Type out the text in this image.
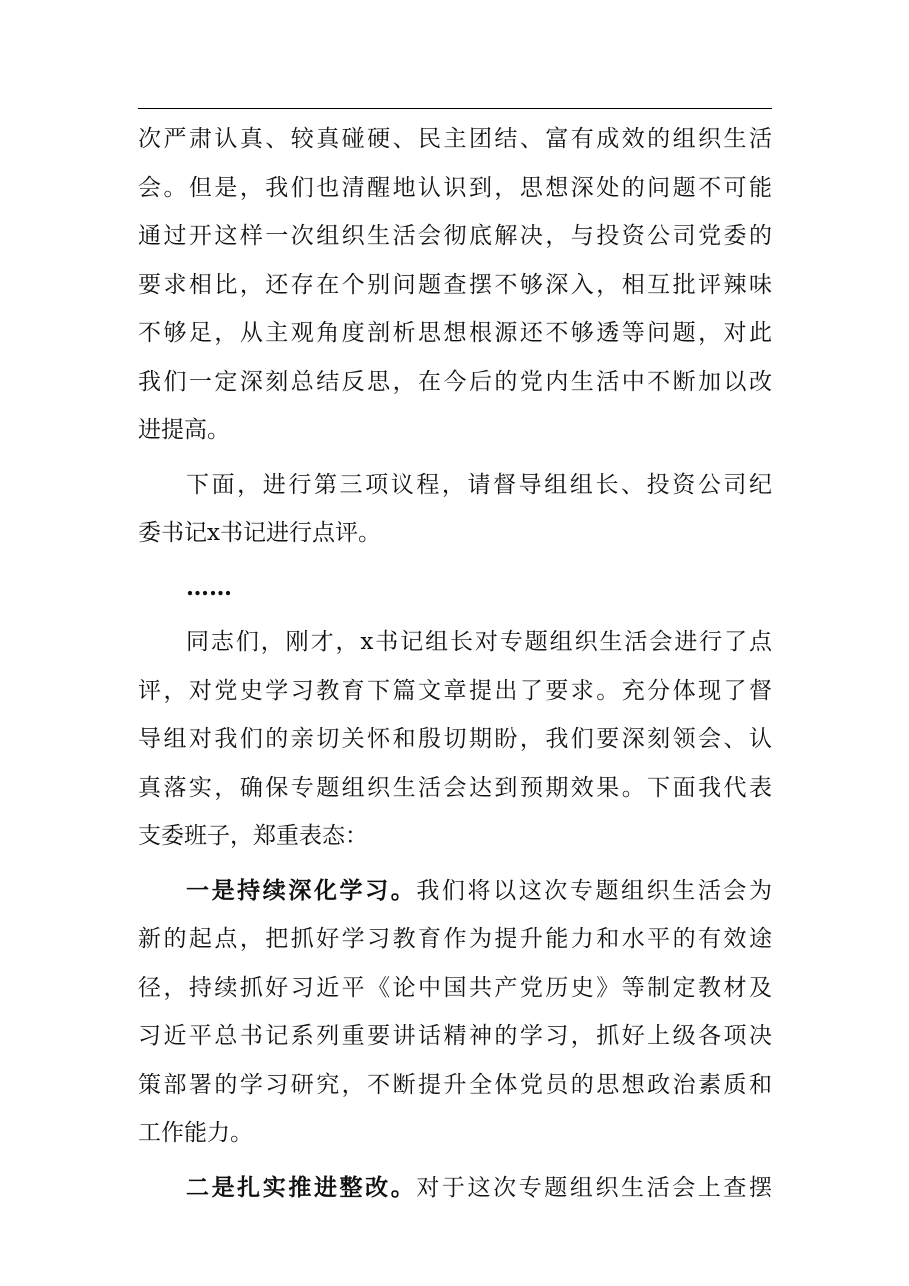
次严肃认真、较真碰硬、民主团结、富有成效的组织生活
会。但是，我们也清醒地认识到，思想深处的问题不可能
通过开这样一次组织生活会彻底解决，与投资公司党委的
要求相比，还存在个别问题查摆不够深入，相互批评辣味
不够足，从主观角度剖析思想根源还不够透等问题，对此
我们一定深刻总结反思，在今后的党内生活中不断加以改
进提高。
下面，进行第三项议程，请督导组组长、投资公司纪
委书记x书记进行点评。
……
同志们，刚才，x书记组长对专题组织生活会进行了点
评，对党史学习教育下篇文章提出了要求。充分体现了督
导组对我们的亲切关怀和殷切期盼，我们要深刻领会、认
真落实，确保专题组织生活会达到预期效果。下面我代表
支委班子，郑重表态：
一是持续深化学习。我们将以这次专题组织生活会为
新的起点，把抓好学习教育作为提升能力和水平的有效途
径，持续抓好习近平《论中国共产党历史》等制定教材及
习近平总书记系列重要讲话精神的学习，抓好上级各项决
策部署的学习研究，不断提升全体党员的思想政治素质和
工作能力。
二是扎实推进整改。对于这次专题组织生活会上查摆
